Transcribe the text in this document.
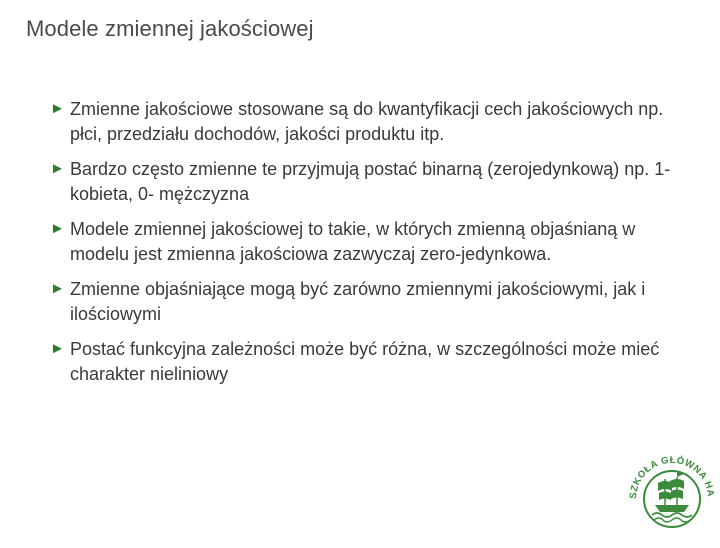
Modele zmiennej jakościowej
► Zmienne jakościowe stosowane są do kwantyfikacji cech jakościowych np. płci, przedziału dochodów, jakości produktu itp.
► Bardzo często zmienne te przyjmują postać binarną (zerojedynkową) np. 1- kobieta, 0- mężczyzna
► Modele zmiennej jakościowej to takie, w których zmienną objaśnianą w modelu jest zmienna jakościowa zazwyczaj zero-jedynkowa.
► Zmienne objaśniające mogą być zarówno zmiennymi jakościowymi, jak i ilościowymi
► Postać funkcyjna zależności może być różna, w szczególności może mieć charakter nieliniowy
SZKOŁA GŁÓWNA HA
